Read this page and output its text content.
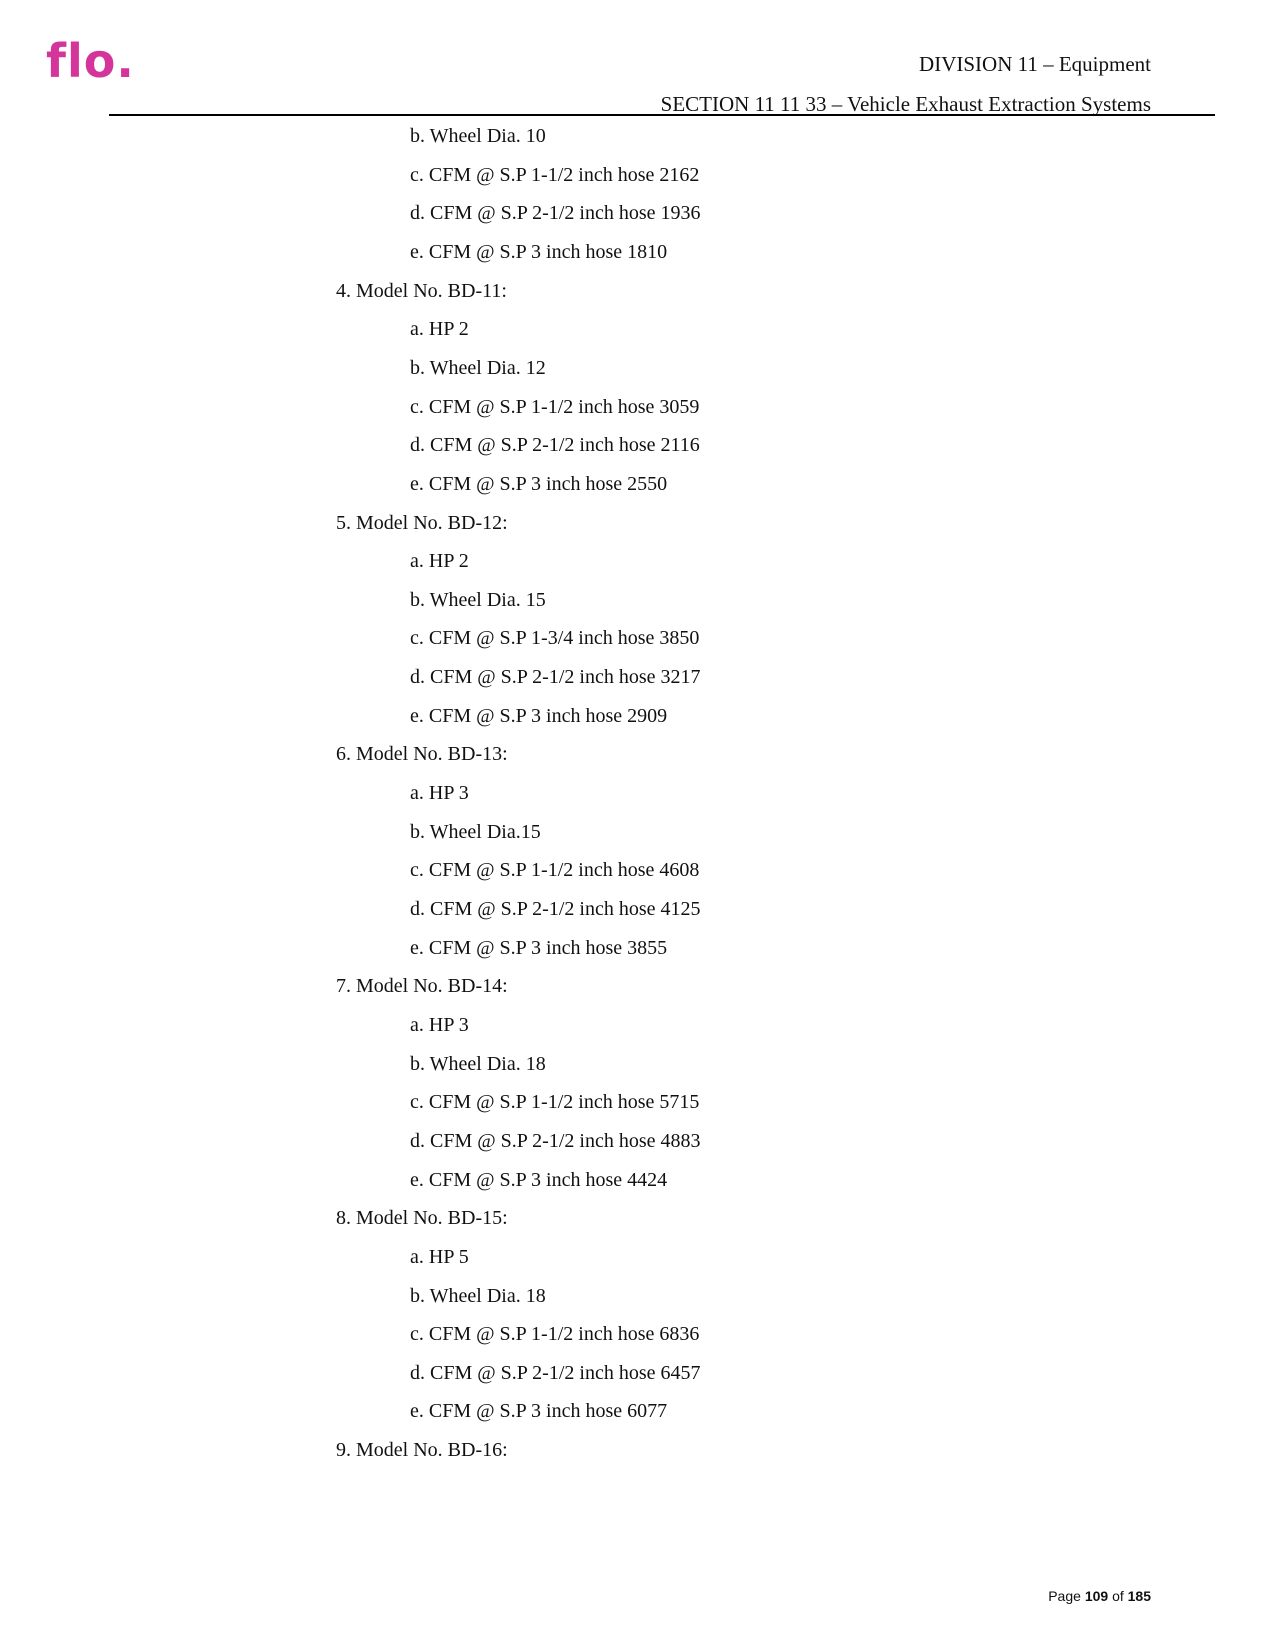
flo.	DIVISION 11 – Equipment
SECTION 11 11 33 – Vehicle Exhaust Extraction Systems
b. Wheel Dia. 10
c. CFM @ S.P 1-1/2 inch hose 2162
d. CFM @ S.P 2-1/2 inch hose 1936
e. CFM @ S.P 3 inch hose 1810
4. Model No. BD-11:
a. HP 2
b. Wheel Dia. 12
c. CFM @ S.P 1-1/2 inch hose 3059
d. CFM @ S.P 2-1/2 inch hose 2116
e. CFM @ S.P 3 inch hose 2550
5. Model No. BD-12:
a. HP 2
b. Wheel Dia. 15
c. CFM @ S.P 1-3/4 inch hose 3850
d. CFM @ S.P 2-1/2 inch hose 3217
e. CFM @ S.P 3 inch hose 2909
6. Model No. BD-13:
a. HP 3
b. Wheel Dia.15
c. CFM @ S.P 1-1/2 inch hose 4608
d. CFM @ S.P 2-1/2 inch hose 4125
e. CFM @ S.P 3 inch hose 3855
7. Model No. BD-14:
a. HP 3
b. Wheel Dia. 18
c. CFM @ S.P 1-1/2 inch hose 5715
d. CFM @ S.P 2-1/2 inch hose 4883
e. CFM @ S.P 3 inch hose 4424
8. Model No. BD-15:
a. HP 5
b. Wheel Dia. 18
c. CFM @ S.P 1-1/2 inch hose 6836
d. CFM @ S.P 2-1/2 inch hose 6457
e. CFM @ S.P 3 inch hose 6077
9. Model No. BD-16:
Page 109 of 185
